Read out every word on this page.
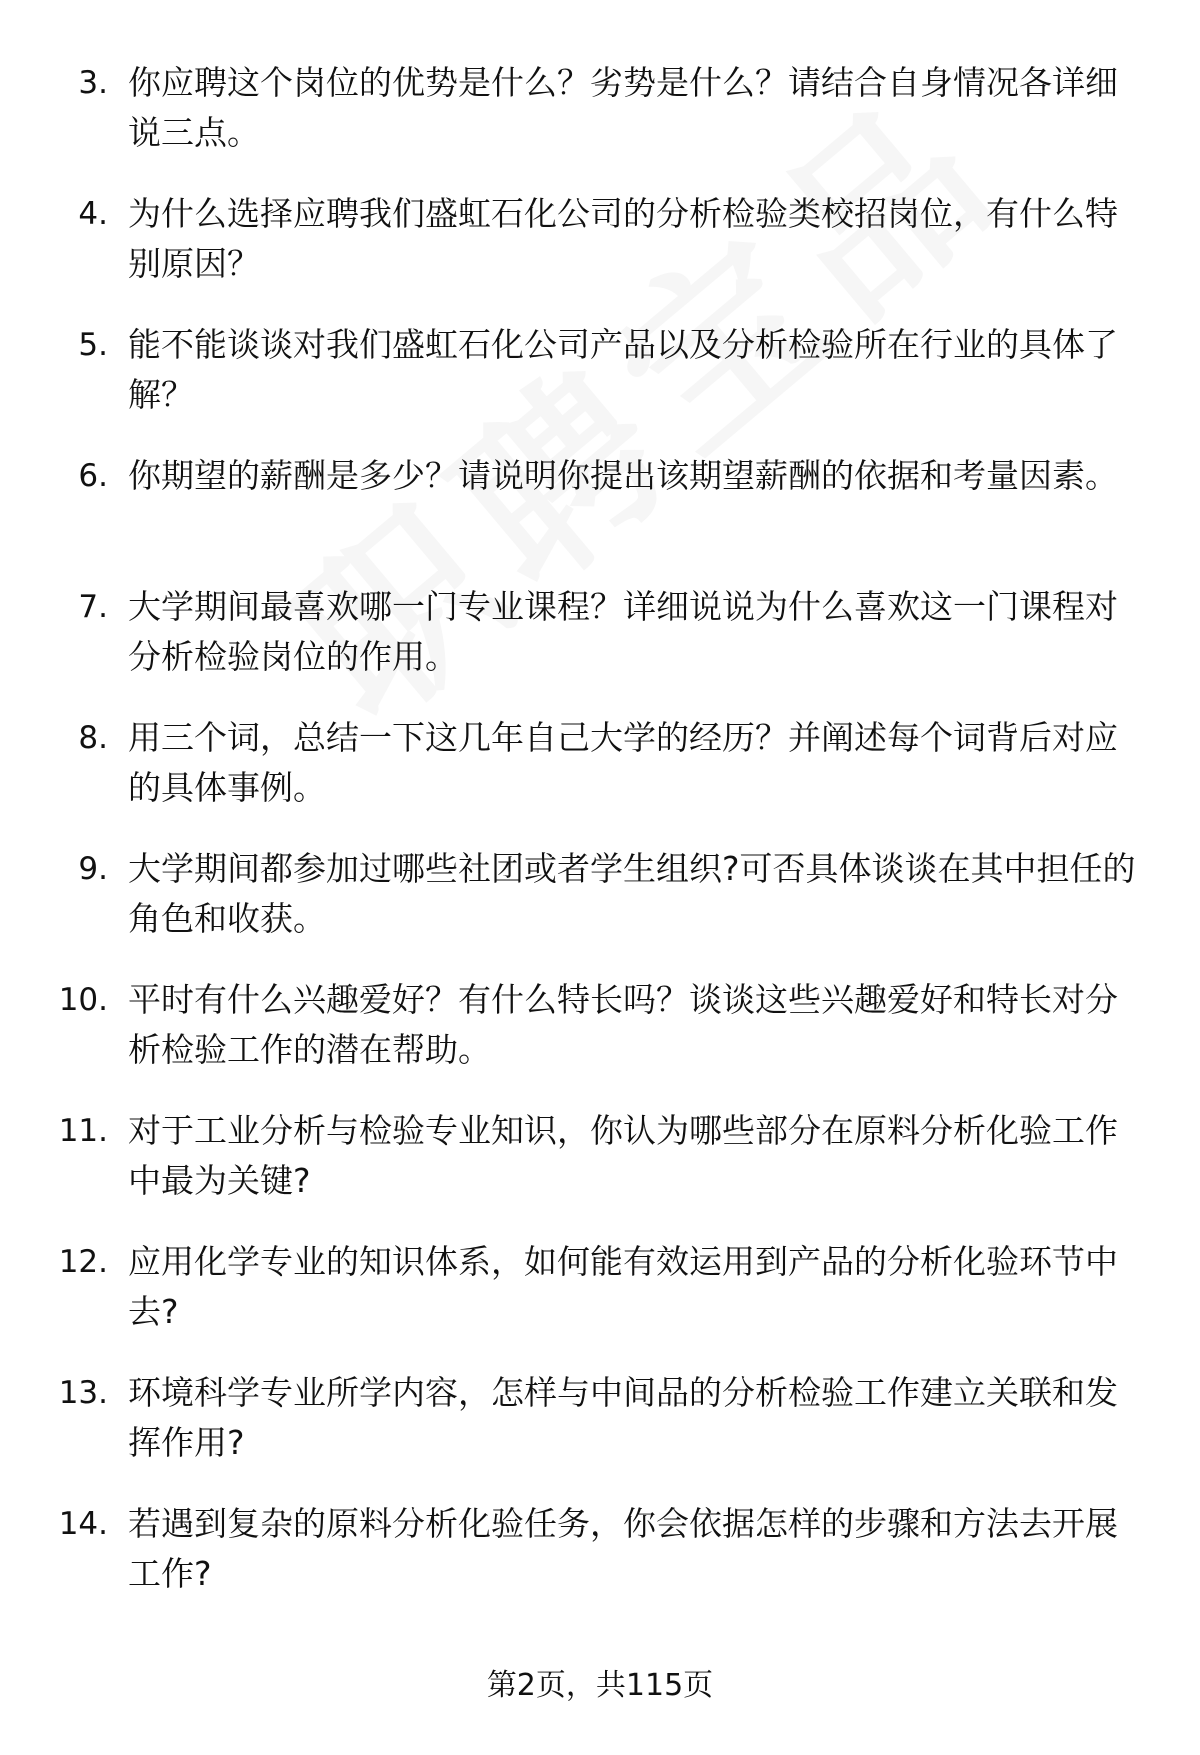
3. 你应聘这个岗位的优势是什么？劣势是什么？请结合自身情况各详细说三点。

4. 为什么选择应聘我们盛虹石化公司的分析检验类校招岗位，有什么特别原因？

5. 能不能谈谈对我们盛虹石化公司产品以及分析检验所在行业的具体了解？

6. 你期望的薪酬是多少？请说明你提出该期望薪酬的依据和考量因素。

7. 大学期间最喜欢哪一门专业课程？详细说说为什么喜欢这一门课程对分析检验岗位的作用。

8. 用三个词，总结一下这几年自己大学的经历？并阐述每个词背后对应的具体事例。

9. 大学期间都参加过哪些社团或者学生组织?可否具体谈谈在其中担任的角色和收获。

10. 平时有什么兴趣爱好？有什么特长吗？谈谈这些兴趣爱好和特长对分析检验工作的潜在帮助。

11. 对于工业分析与检验专业知识，你认为哪些部分在原料分析化验工作中最为关键?

12. 应用化学专业的知识体系，如何能有效运用到产品的分析化验环节中去?

13. 环境科学专业所学内容，怎样与中间品的分析检验工作建立关联和发挥作用?

14. 若遇到复杂的原料分析化验任务，你会依据怎样的步骤和方法去开展工作?

第2页，共115页
